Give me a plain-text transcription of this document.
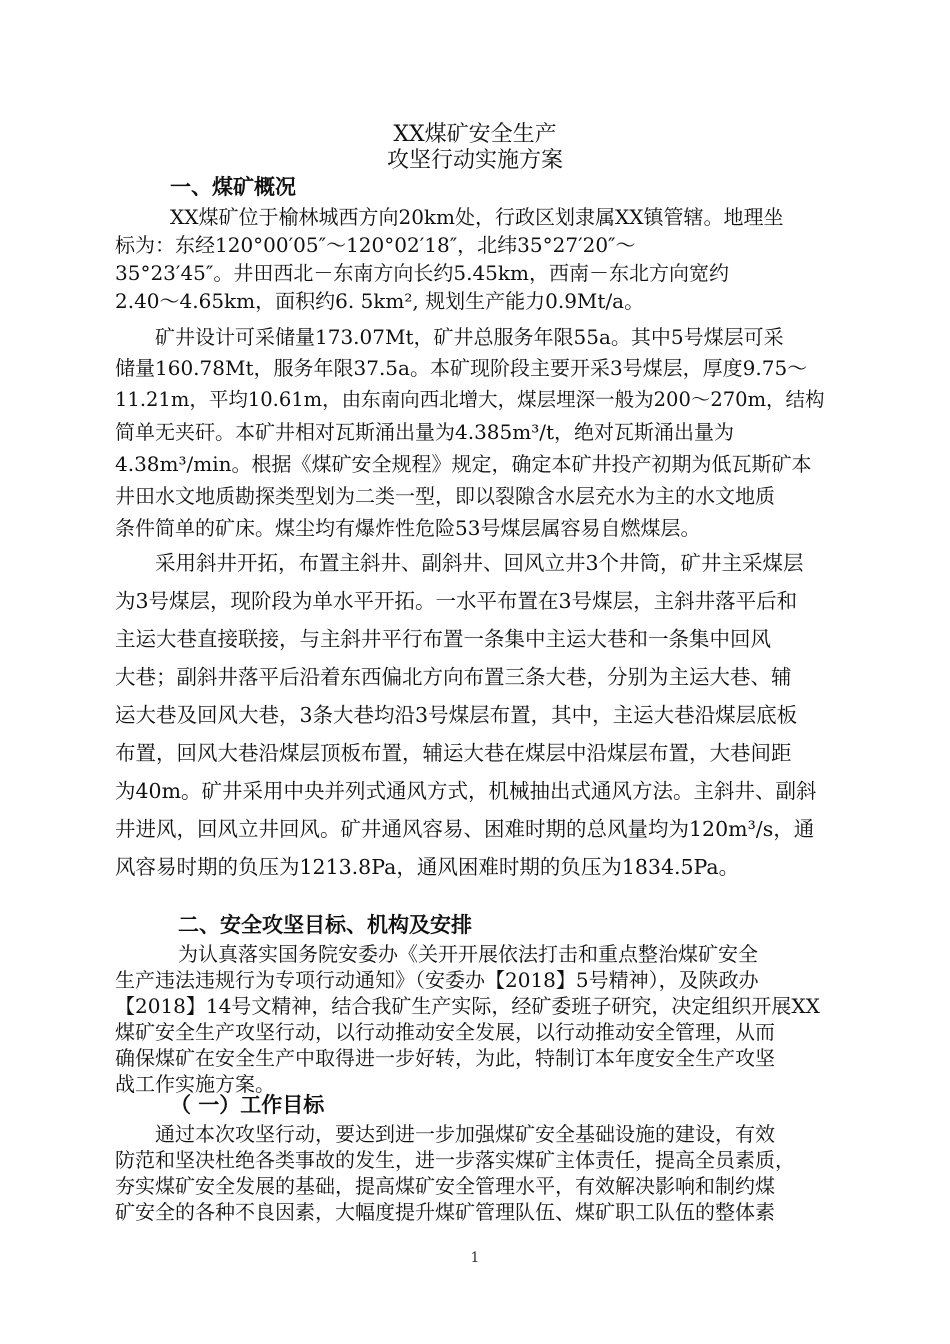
XX煤矿安全生产
攻坚行动实施方案
一、煤矿概况
XX煤矿位于榆林城西方向20km处，行政区划隶属XX镇管辖。地理坐
标为：东经120°00′05″～120°02′18″，北纬35°27′20″～
35°23′45″。井田西北－东南方向长约5.45km，西南－东北方向宽约
2.40～4.65km，面积约6. 5km², 规划生产能力0.9Mt/a。
矿井设计可采储量173.07Mt，矿井总服务年限55a。其中5号煤层可采
储量160.78Mt，服务年限37.5a。本矿现阶段主要开采3号煤层，厚度9.75～
11.21m，平均10.61m，由东南向西北增大，煤层埋深一般为200～270m，结构
简单无夹矸。本矿井相对瓦斯涌出量为4.385m³/t，绝对瓦斯涌出量为
4.38m³/min。根据《煤矿安全规程》规定，确定本矿井投产初期为低瓦斯矿本
井田水文地质勘探类型划为二类一型，即以裂隙含水层充水为主的水文地质
条件简单的矿床。煤尘均有爆炸性危险53号煤层属容易自燃煤层。
采用斜井开拓，布置主斜井、副斜井、回风立井3个井筒，矿井主采煤层
为3号煤层，现阶段为单水平开拓。一水平布置在3号煤层，主斜井落平后和
主运大巷直接联接，与主斜井平行布置一条集中主运大巷和一条集中回风
大巷；副斜井落平后沿着东西偏北方向布置三条大巷，分别为主运大巷、辅
运大巷及回风大巷，3条大巷均沿3号煤层布置，其中，主运大巷沿煤层底板
布置，回风大巷沿煤层顶板布置，辅运大巷在煤层中沿煤层布置，大巷间距
为40m。矿井采用中央并列式通风方式，机械抽出式通风方法。主斜井、副斜
井进风，回风立井回风。矿井通风容易、困难时期的总风量均为120m³/s，通
风容易时期的负压为1213.8Pa，通风困难时期的负压为1834.5Pa。
二、安全攻坚目标、机构及安排
为认真落实国务院安委办《关开开展依法打击和重点整治煤矿安全
生产违法违规行为专项行动通知》（安委办【2018】5号精神），及陕政办
【2018】14号文精神，结合我矿生产实际，经矿委班子研究，决定组织开展XX
煤矿安全生产攻坚行动，以行动推动安全发展，以行动推动安全管理，从而
确保煤矿在安全生产中取得进一步好转，为此，特制订本年度安全生产攻坚
战工作实施方案。
（ 一）工作目标
通过本次攻坚行动，要达到进一步加强煤矿安全基础设施的建设，有效
防范和坚决杜绝各类事故的发生，进一步落实煤矿主体责任，提高全员素质，
夯实煤矿安全发展的基础，提高煤矿安全管理水平，有效解决影响和制约煤
矿安全的各种不良因素，大幅度提升煤矿管理队伍、煤矿职工队伍的整体素
1
